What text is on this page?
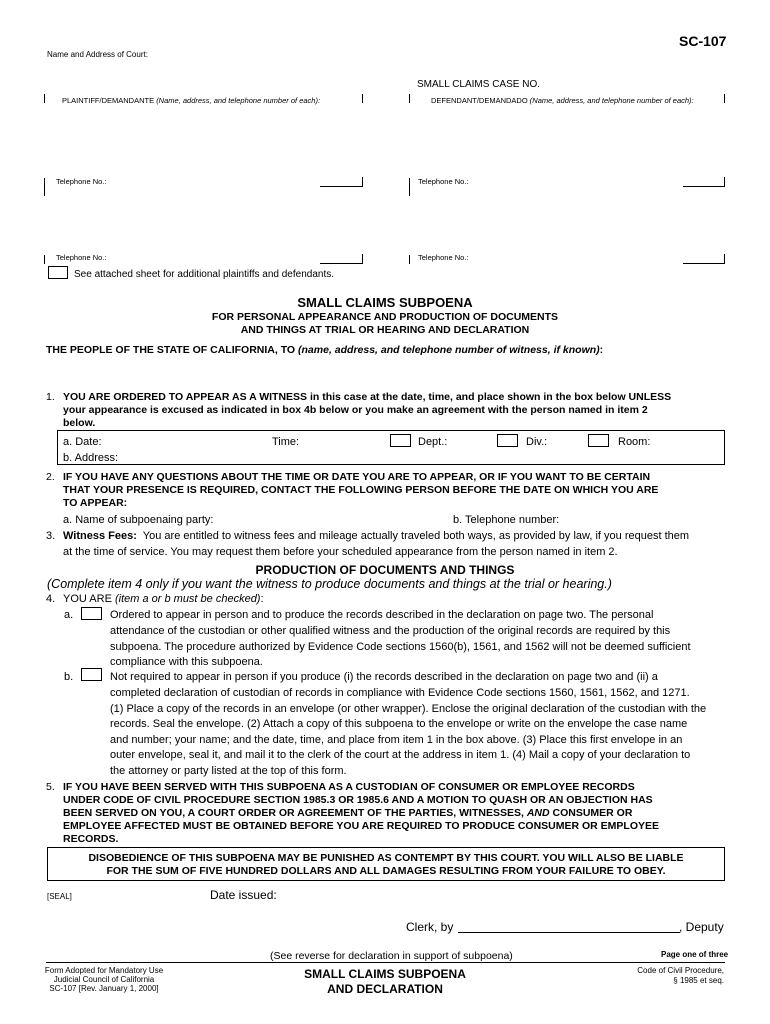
SC-107
Name and Address of Court:
SMALL CLAIMS CASE NO.
PLAINTIFF/DEMANDANTE (Name, address, and telephone number of each):
Telephone No.:
Telephone No.:
DEFENDANT/DEMANDADO (Name, address, and telephone number of each):
Telephone No.:
Telephone No.:
See attached sheet for additional plaintiffs and defendants.
SMALL CLAIMS SUBPOENA
FOR PERSONAL APPEARANCE AND PRODUCTION OF DOCUMENTS
AND THINGS AT TRIAL OR HEARING AND DECLARATION
THE PEOPLE OF THE STATE OF CALIFORNIA, TO (name, address, and telephone number of witness, if known):
1. YOU ARE ORDERED TO APPEAR AS A WITNESS in this case at the date, time, and place shown in the box below UNLESS
your appearance is excused as indicated in box 4b below or you make an agreement with the person named in item 2
below.
a. Date:	Time:	Dept.:	Div.:	Room:
b. Address:
2. IF YOU HAVE ANY QUESTIONS ABOUT THE TIME OR DATE YOU ARE TO APPEAR, OR IF YOU WANT TO BE CERTAIN
THAT YOUR PRESENCE IS REQUIRED, CONTACT THE FOLLOWING PERSON BEFORE THE DATE ON WHICH YOU ARE
TO APPEAR:
a. Name of subpoenaing party:	b. Telephone number:
3. Witness Fees: You are entitled to witness fees and mileage actually traveled both ways, as provided by law, if you request them
at the time of service. You may request them before your scheduled appearance from the person named in item 2.
PRODUCTION OF DOCUMENTS AND THINGS
(Complete item 4 only if you want the witness to produce documents and things at the trial or hearing.)
4. YOU ARE (item a or b must be checked):
a.	Ordered to appear in person and to produce the records described in the declaration on page two. The personal
attendance of the custodian or other qualified witness and the production of the original records are required by this
subpoena. The procedure authorized by Evidence Code sections 1560(b), 1561, and 1562 will not be deemed sufficient
compliance with this subpoena.
b.	Not required to appear in person if you produce (i) the records described in the declaration on page two and (ii) a
completed declaration of custodian of records in compliance with Evidence Code sections 1560, 1561, 1562, and 1271.
(1) Place a copy of the records in an envelope (or other wrapper). Enclose the original declaration of the custodian with the
records. Seal the envelope. (2) Attach a copy of this subpoena to the envelope or write on the envelope the case name
and number; your name; and the date, time, and place from item 1 in the box above. (3) Place this first envelope in an
outer envelope, seal it, and mail it to the clerk of the court at the address in item 1. (4) Mail a copy of your declaration to
the attorney or party listed at the top of this form.
5. IF YOU HAVE BEEN SERVED WITH THIS SUBPOENA AS A CUSTODIAN OF CONSUMER OR EMPLOYEE RECORDS
UNDER CODE OF CIVIL PROCEDURE SECTION 1985.3 OR 1985.6 AND A MOTION TO QUASH OR AN OBJECTION HAS
BEEN SERVED ON YOU, A COURT ORDER OR AGREEMENT OF THE PARTIES, WITNESSES, AND CONSUMER OR
EMPLOYEE AFFECTED MUST BE OBTAINED BEFORE YOU ARE REQUIRED TO PRODUCE CONSUMER OR EMPLOYEE
RECORDS.
DISOBEDIENCE OF THIS SUBPOENA MAY BE PUNISHED AS CONTEMPT BY THIS COURT. YOU WILL ALSO BE LIABLE
FOR THE SUM OF FIVE HUNDRED DOLLARS AND ALL DAMAGES RESULTING FROM YOUR FAILURE TO OBEY.
[SEAL]	Date issued:
Clerk, by	, Deputy
(See reverse for declaration in support of subpoena)	Page one of three
Form Adopted for Mandatory Use
Judicial Council of California
SC-107 [Rev. January 1, 2000]
SMALL CLAIMS SUBPOENA
AND DECLARATION
Code of Civil Procedure,
§ 1985 et seq.
